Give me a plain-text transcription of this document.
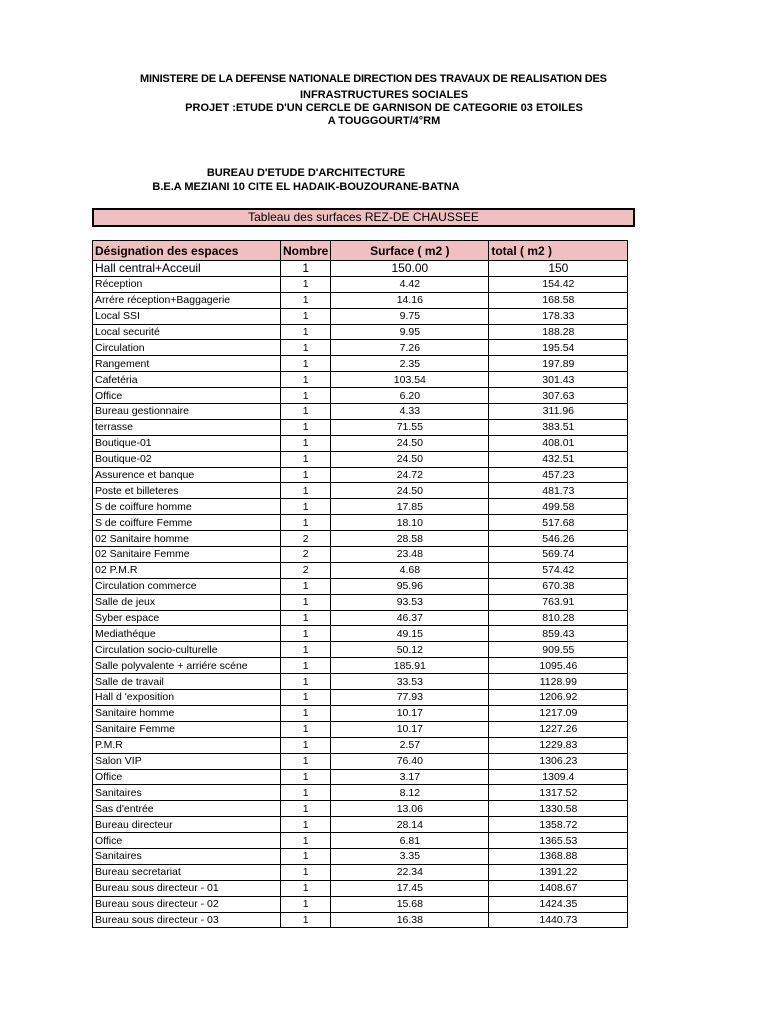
MINISTERE DE LA DEFENSE NATIONALE DIRECTION DES TRAVAUX DE REALISATION DES
INFRASTRUCTURES SOCIALES
PROJET :ETUDE D'UN CERCLE DE GARNISON DE CATEGORIE 03 ETOILES
A TOUGGOURT/4°RM
BUREAU D'ETUDE D'ARCHITECTURE
B.E.A MEZIANI 10 CITE EL HADAIK-BOUZOURANE-BATNA
Tableau des surfaces REZ-DE CHAUSSEE
Désignation des espaces	Nombre	Surface ( m2 )	total ( m2 )
Hall central+Acceuil	1	150.00	150
Réception	1	4.42	154.42
Arrére réception+Baggagerie	1	14.16	168.58
Local SSI	1	9.75	178.33
Local securité	1	9.95	188.28
Circulation	1	7.26	195.54
Rangement	1	2.35	197.89
Cafetéria	1	103.54	301.43
Office	1	6.20	307.63
Bureau gestionnaire	1	4.33	311.96
terrasse	1	71.55	383.51
Boutique-01	1	24.50	408.01
Boutique-02	1	24.50	432.51
Assurence et banque	1	24.72	457.23
Poste et billeteres	1	24.50	481.73
S de coiffure homme	1	17.85	499.58
S de coiffure Femme	1	18.10	517.68
02 Sanitaire homme	2	28.58	546.26
02 Sanitaire Femme	2	23.48	569.74
02 P.M.R	2	4.68	574.42
Circulation commerce	1	95.96	670.38
Salle de jeux	1	93.53	763.91
Syber espace	1	46.37	810.28
Mediathéque	1	49.15	859.43
Circulation socio-culturelle	1	50.12	909.55
Salle polyvalente + arriére scéne	1	185.91	1095.46
Salle de travail	1	33.53	1128.99
Hall d 'exposition	1	77.93	1206.92
Sanitaire homme	1	10.17	1217.09
Sanitaire Femme	1	10.17	1227.26
P.M.R	1	2.57	1229.83
Salon VIP	1	76.40	1306.23
Office	1	3.17	1309.4
Sanitaires	1	8.12	1317.52
Sas d'entrée	1	13.06	1330.58
Bureau directeur	1	28.14	1358.72
Office	1	6.81	1365.53
Sanitaires	1	3.35	1368.88
Bureau secretariat	1	22.34	1391.22
Bureau sous directeur - 01	1	17.45	1408.67
Bureau sous directeur - 02	1	15.68	1424.35
Bureau sous directeur - 03	1	16.38	1440.73
